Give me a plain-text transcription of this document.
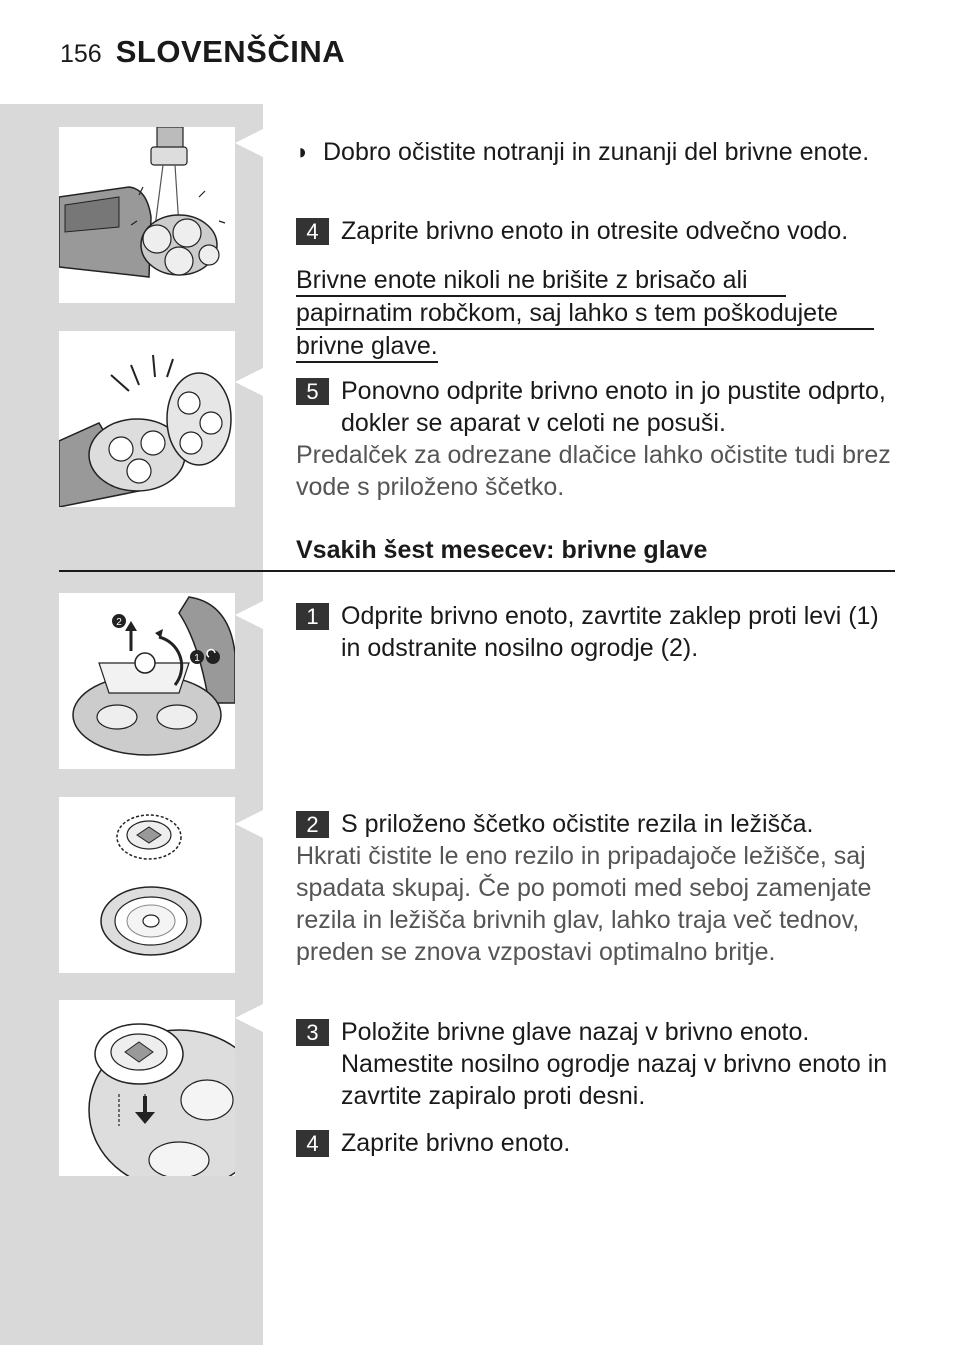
156 SLOVENŠČINA
2
1
◗ Dobro očistite notranji in zunanji del brivne enote.
4 Zaprite brivno enoto in otresite odvečno vodo.
Brivne enote nikoli ne brišite z brisačo ali
papirnatim robčkom, saj lahko s tem poškodujete
brivne glave.
5 Ponovno odprite brivno enoto in jo pustite odprto, dokler se aparat v celoti ne posuši.
Predalček za odrezane dlačice lahko očistite tudi brez vode s priloženo ščetko.
Vsakih šest mesecev: brivne glave
1 Odprite brivno enoto, zavrtite zaklep proti levi (1) in odstranite nosilno ogrodje (2).
2 S priloženo ščetko očistite rezila in ležišča.
Hkrati čistite le eno rezilo in pripadajoče ležišče, saj spadata skupaj. Če po pomoti med seboj zamenjate rezila in ležišča brivnih glav, lahko traja več tednov, preden se znova vzpostavi optimalno britje.
3 Položite brivne glave nazaj v brivno enoto. Namestite nosilno ogrodje nazaj v brivno enoto in zavrtite zapiralo proti desni.
4 Zaprite brivno enoto.
